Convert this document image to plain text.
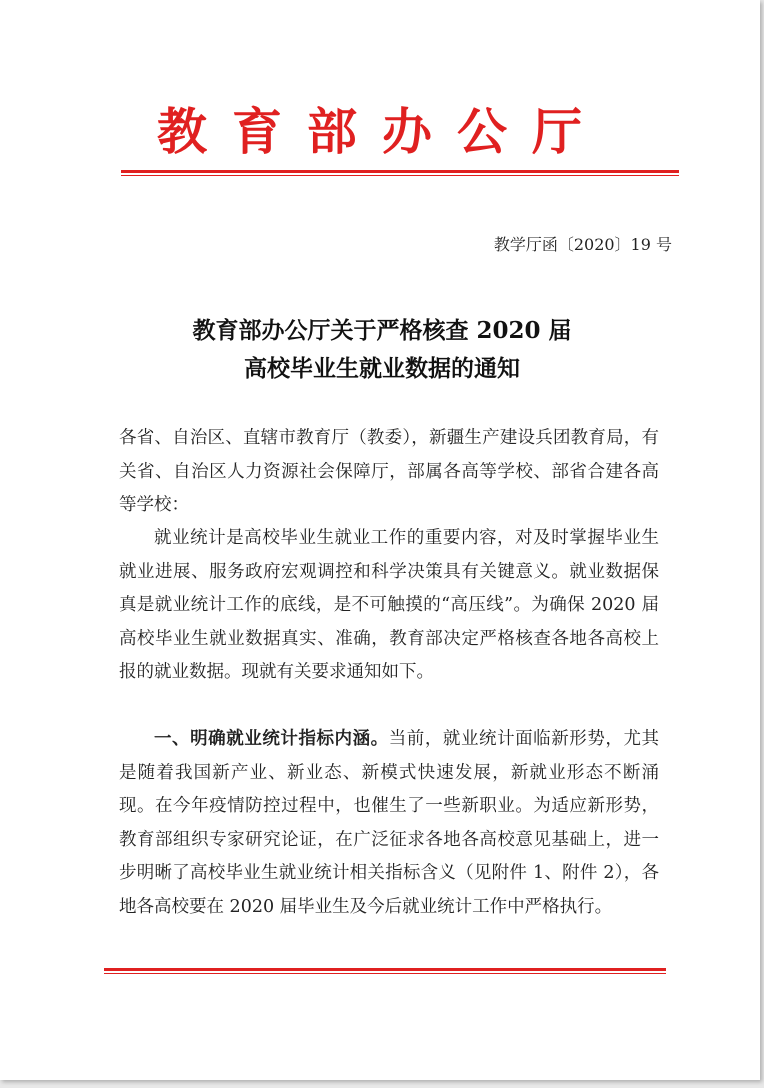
教育部办公厅
教学厅函〔2020〕19 号
教育部办公厅关于严格核查 2020 届
高校毕业生就业数据的通知

各省、自治区、直辖市教育厅（教委），新疆生产建设兵团教育局，有关省、自治区人力资源社会保障厅，部属各高等学校、部省合建各高等学校：

就业统计是高校毕业生就业工作的重要内容，对及时掌握毕业生就业进展、服务政府宏观调控和科学决策具有关键意义。就业数据保真是就业统计工作的底线，是不可触摸的“高压线”。为确保 2020 届高校毕业生就业数据真实、准确，教育部决定严格核查各地各高校上报的就业数据。现就有关要求通知如下。

一、明确就业统计指标内涵。当前，就业统计面临新形势，尤其是随着我国新产业、新业态、新模式快速发展，新就业形态不断涌现。在今年疫情防控过程中，也催生了一些新职业。为适应新形势，教育部组织专家研究论证，在广泛征求各地各高校意见基础上，进一步明晰了高校毕业生就业统计相关指标含义（见附件 1、附件 2），各地各高校要在 2020 届毕业生及今后就业统计工作中严格执行。
